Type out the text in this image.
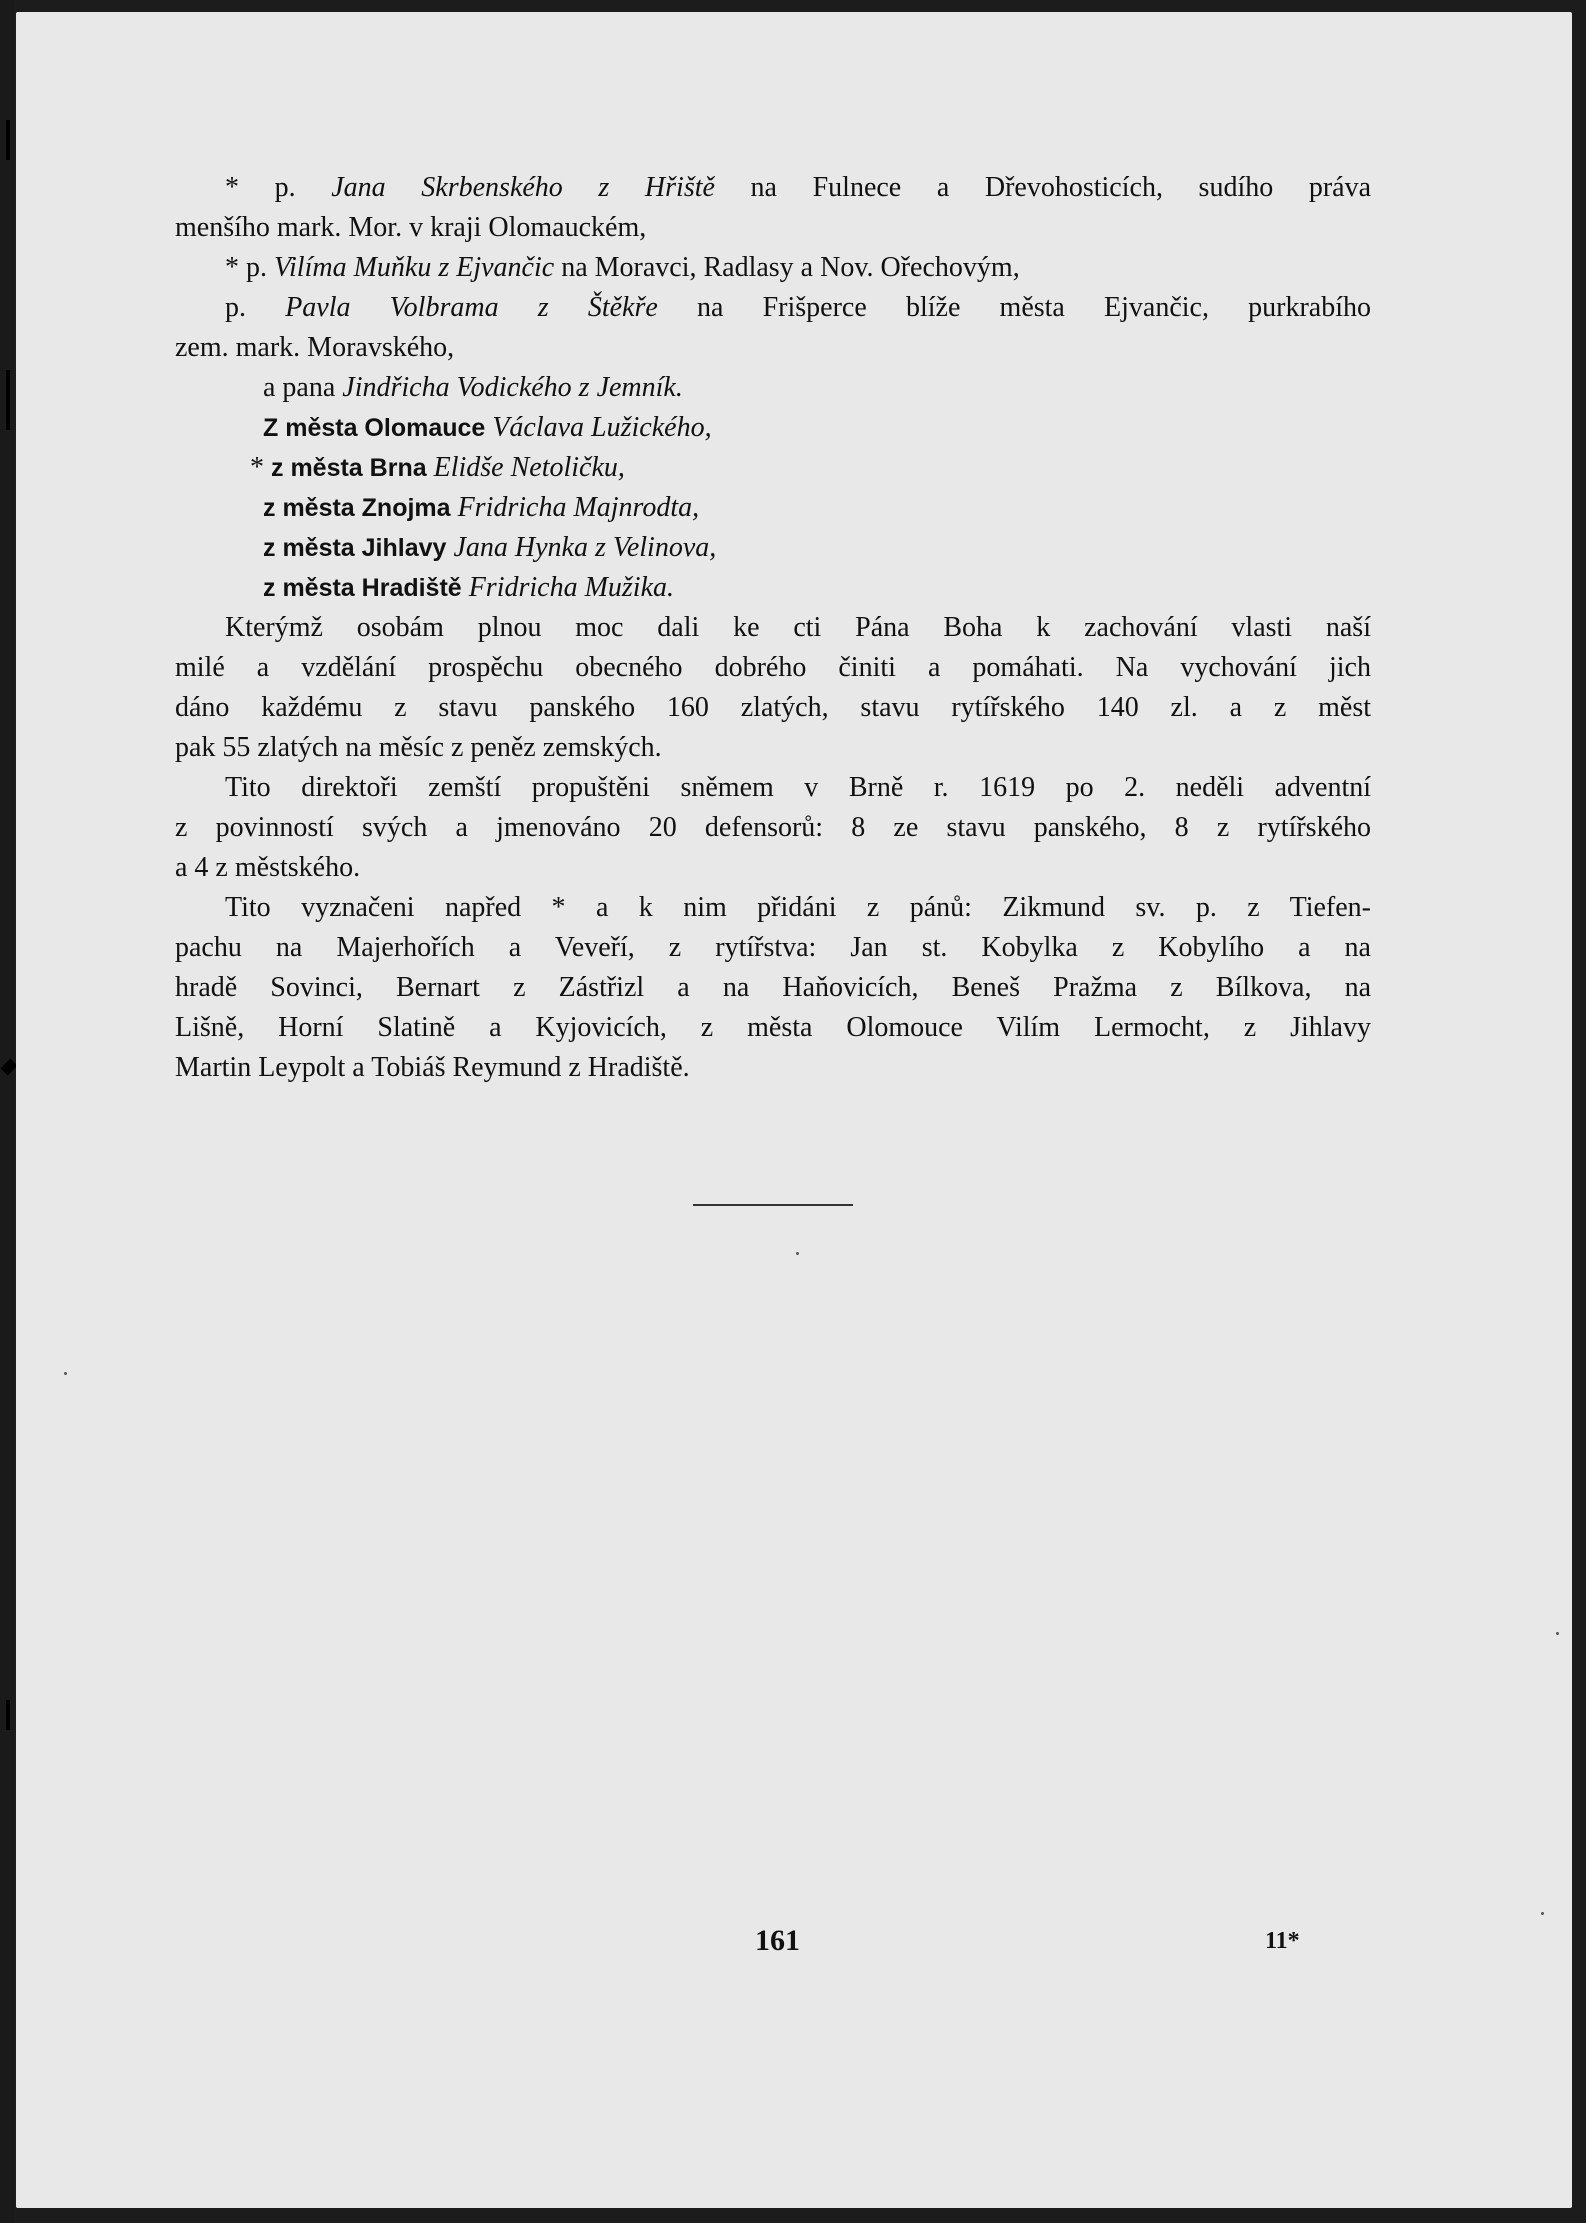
* p. Jana Skrbenského z Hřiště na Fulnece a Dřevohosticích, sudího práva
menšího mark. Mor. v kraji Olomauckém,
* p. Vilíma Muňku z Ejvančic na Moravci, Radlasy a Nov. Ořechovým,
p. Pavla Volbrama z Štěkře na Frišperce blíže města Ejvančic, purkrabího
zem. mark. Moravského,
a pana Jindřicha Vodického z Jemník.
Z města Olomauce Václava Lužického,
* z města Brna Elidše Netoličku,
z města Znojma Fridricha Majnrodta,
z města Jihlavy Jana Hynka z Velinova,
z města Hradiště Fridricha Mužika.
Kterýmž osobám plnou moc dali ke cti Pána Boha k zachování vlasti naší
milé a vzdělání prospěchu obecného dobrého činiti a pomáhati. Na vychování jich
dáno každému z stavu panského 160 zlatých, stavu rytířského 140 zl. a z měst
pak 55 zlatých na měsíc z peněz zemských.
Tito direktoři zemští propuštěni sněmem v Brně r. 1619 po 2. neděli adventní
z povinností svých a jmenováno 20 defensorů: 8 ze stavu panského, 8 z rytířského
a 4 z městského.
Tito vyznačeni napřed * a k nim přidáni z pánů: Zikmund sv. p. z Tiefen-
pachu na Majerhořích a Veveří, z rytířstva: Jan st. Kobylka z Kobylího a na
hradě Sovinci, Bernart z Zástřizl a na Haňovicích, Beneš Pražma z Bílkova, na
Lišně, Horní Slatině a Kyjovicích, z města Olomouce Vilím Lermocht, z Jihlavy
Martin Leypolt a Tobiáš Reymund z Hradiště.
161	11*
